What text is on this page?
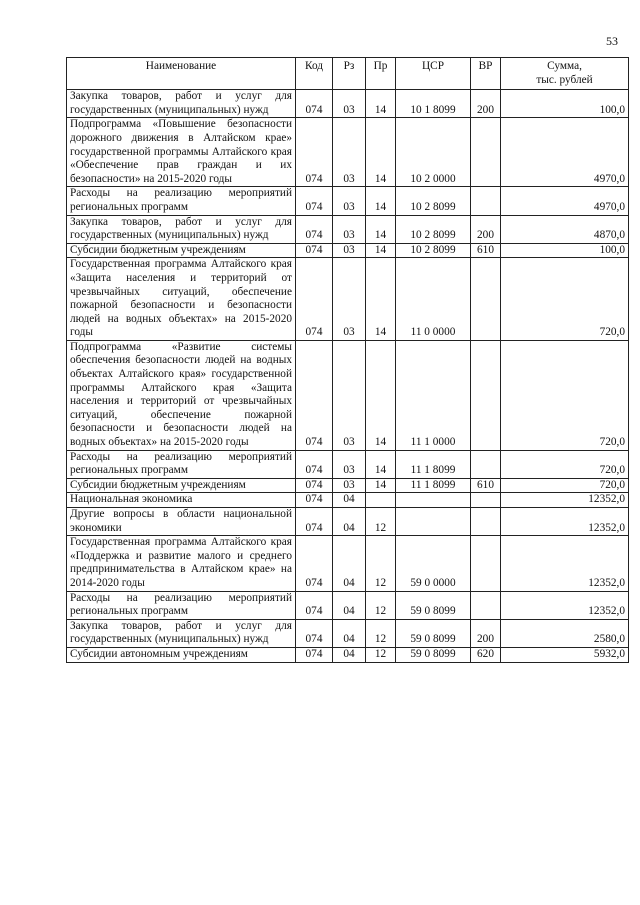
53
Наименование	Код	Рз	Пр	ЦСР	ВР	Сумма,
тыс. рублей

Закупка товаров, работ и услуг для государственных (муниципальных) нужд	074	03	14	10 1 8099	200	100,0
Подпрограмма «Повышение безопасности дорожного движения в Алтайском крае» государственной программы Алтайского края «Обеспечение прав граждан и их безопасности» на 2015-2020 годы	074	03	14	10 2 0000		4970,0
Расходы на реализацию мероприятий региональных программ	074	03	14	10 2 8099		4970,0
Закупка товаров, работ и услуг для государственных (муниципальных) нужд	074	03	14	10 2 8099	200	4870,0
Субсидии бюджетным учреждениям	074	03	14	10 2 8099	610	100,0
Государственная программа Алтайского края «Защита населения и территорий от чрезвычайных ситуаций, обеспечение пожарной безопасности и безопасности людей на водных объектах» на 2015-2020 годы	074	03	14	11 0 0000		720,0
Подпрограмма «Развитие системы обеспечения безопасности людей на водных объектах Алтайского края» государственной программы Алтайского края «Защита населения и территорий от чрезвычайных ситуаций, обеспечение пожарной безопасности и безопасности людей на водных объектах» на 2015-2020 годы	074	03	14	11 1 0000		720,0
Расходы на реализацию мероприятий региональных программ	074	03	14	11 1 8099		720,0
Субсидии бюджетным учреждениям	074	03	14	11 1 8099	610	720,0
Национальная экономика	074	04				12352,0
Другие вопросы в области национальной экономики	074	04	12			12352,0
Государственная программа Алтайского края «Поддержка и развитие малого и среднего предпринимательства в Алтайском крае» на 2014-2020 годы	074	04	12	59 0 0000		12352,0
Расходы на реализацию мероприятий региональных программ	074	04	12	59 0 8099		12352,0
Закупка товаров, работ и услуг для государственных (муниципальных) нужд	074	04	12	59 0 8099	200	2580,0
Субсидии автономным учреждениям	074	04	12	59 0 8099	620	5932,0
